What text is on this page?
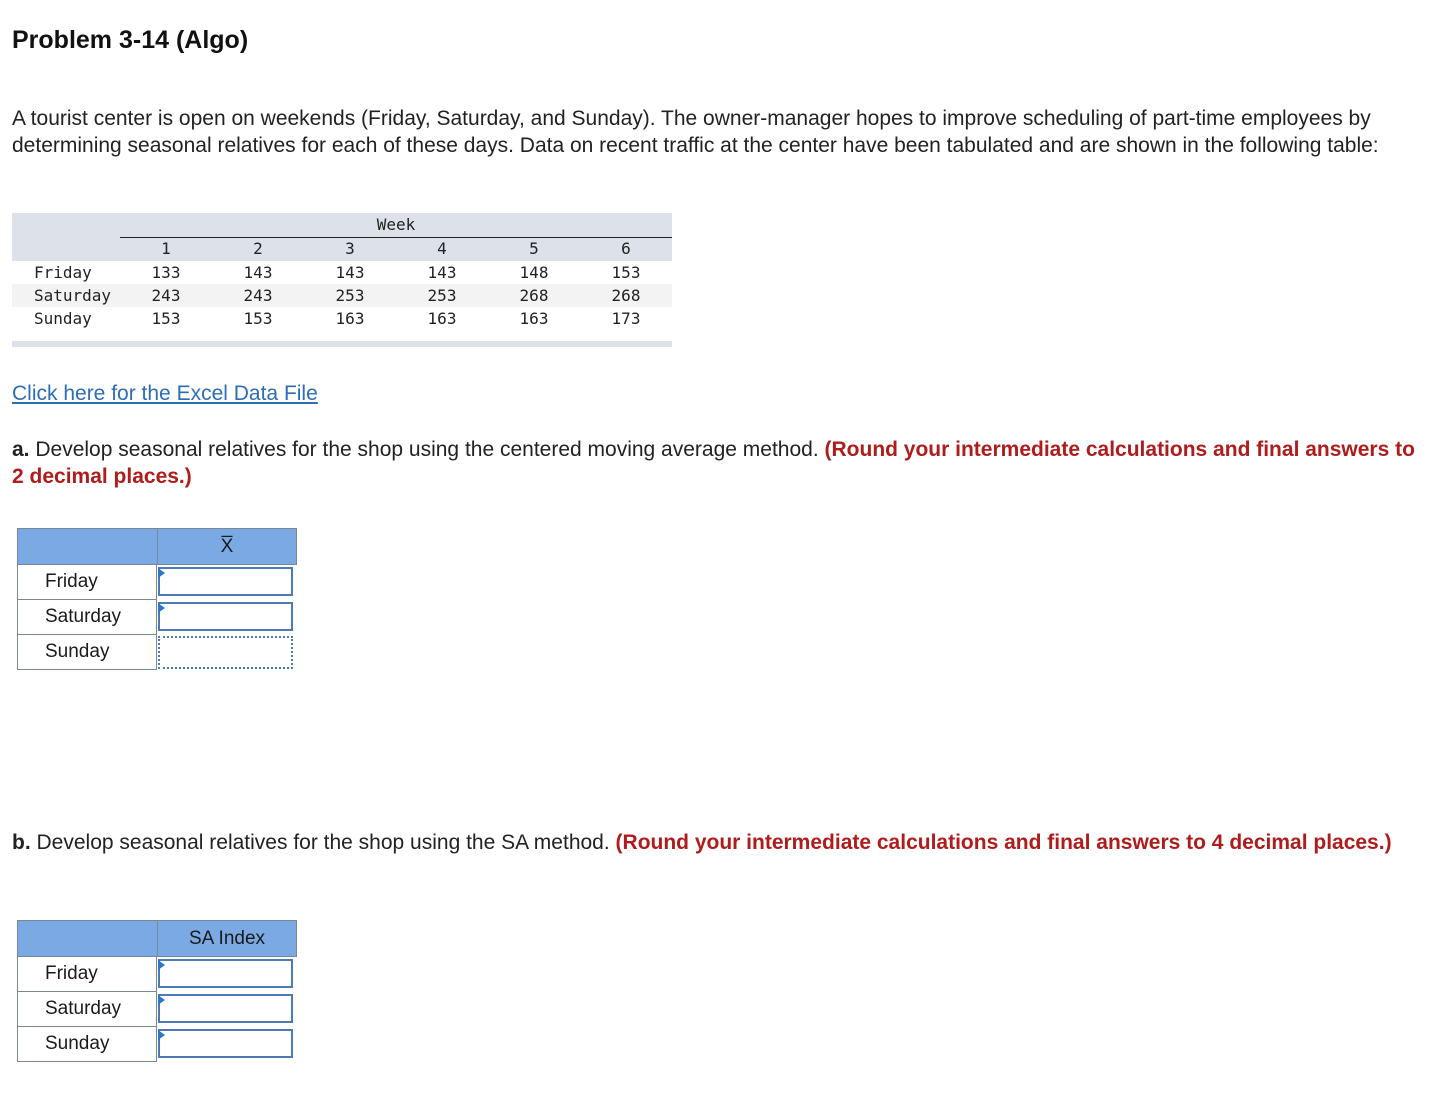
Problem 3-14 (Algo)

A tourist center is open on weekends (Friday, Saturday, and Sunday). The owner-manager hopes to improve scheduling of part-time employees by determining seasonal relatives for each of these days. Data on recent traffic at the center have been tabulated and are shown in the following table:

Week
1	2	3	4	5	6
Friday	133	143	143	143	148	153
Saturday	243	243	253	253	268	268
Sunday	153	153	163	163	163	173
Click here for the Excel Data File

a. Develop seasonal relatives for the shop using the centered moving average method. (Round your intermediate calculations and final answers to 2 decimal places.)

X̅
Friday
Saturday
Sunday

b. Develop seasonal relatives for the shop using the SA method. (Round your intermediate calculations and final answers to 4 decimal places.)

SA Index
Friday
Saturday
Sunday
